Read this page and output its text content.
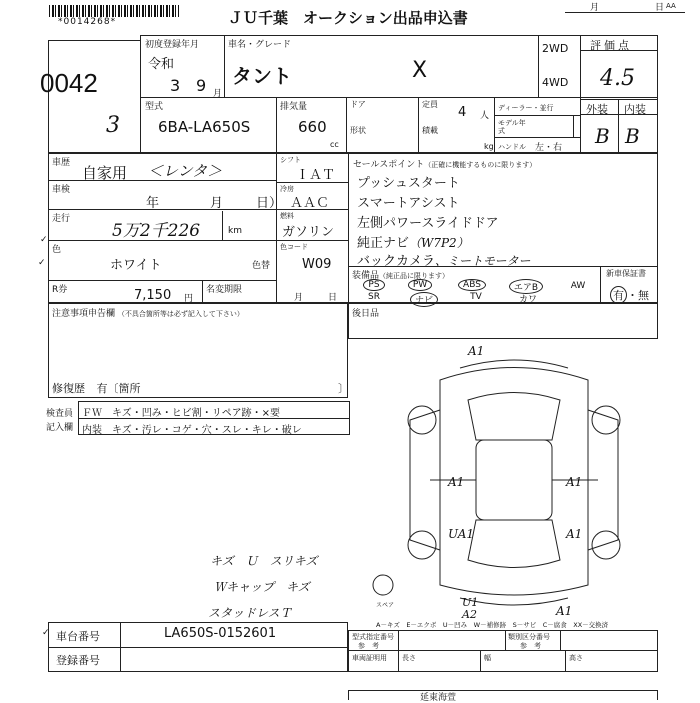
*0014268*	ＪＵ千葉　オークション出品申込書
月	日 AA
0042
3
初度登録年月
令和
3 9 月
車名・グレード
タント	X
2WD
4WD
評価点
4.5
型式
6BA-LA650S
排気量
660
cc
ドア
形状
定員
4 人
積載
kg
ディーラー・並行
モデル年式
ハンドル 左・右
外装 内装
B B
車歴
自家用 ＜レンタ＞
車検
年	月	日）
走行
5万2千226	km
色
ホワイト	色替
R券	7,150 円
名変期限
月	日
シフト
ＩＡＴ
冷房
ＡＡＣ
燃料
ガソリン
色コード
W09
セールスポイント（正確に機能するものに限ります）
プッシュスタート
スマートアシスト
左側パワースライドドア
純正ナビ（W7P2）
バックカメラ、ミートモーター
装備品（純正品に限ります）
PS	PW	ABS	エアB	AW
SR	ナビ	TV	カワ
新車保証書
有 ・無
注意事項申告欄 （不具合箇所等は必ず記入して下さい）
修復歴 有〔箇所	〕
後日品
検査員
記入欄
ＦＷ　キズ・凹み・ヒビ割・リペア跡・×要
内装　キズ・汚レ・コゲ・穴・スレ・キレ・破レ
キズ　Ｕ　スリキズ
Ｗキャップ　キズ
スタッドレスＴ
A1
A1	A1
UA1	A1
U1
A2	A1
スペア
A－キズ　E－エクボ　U－凹み　W－補修跡　S－サビ　C－腐食　XX－交換済
車台番号	LA650S-0152601
登録番号
型式指定番号
参　考
類別区分番号
参　考
車両証明用 長さ	幅	高さ
延東海萱
✓
✓
✓
